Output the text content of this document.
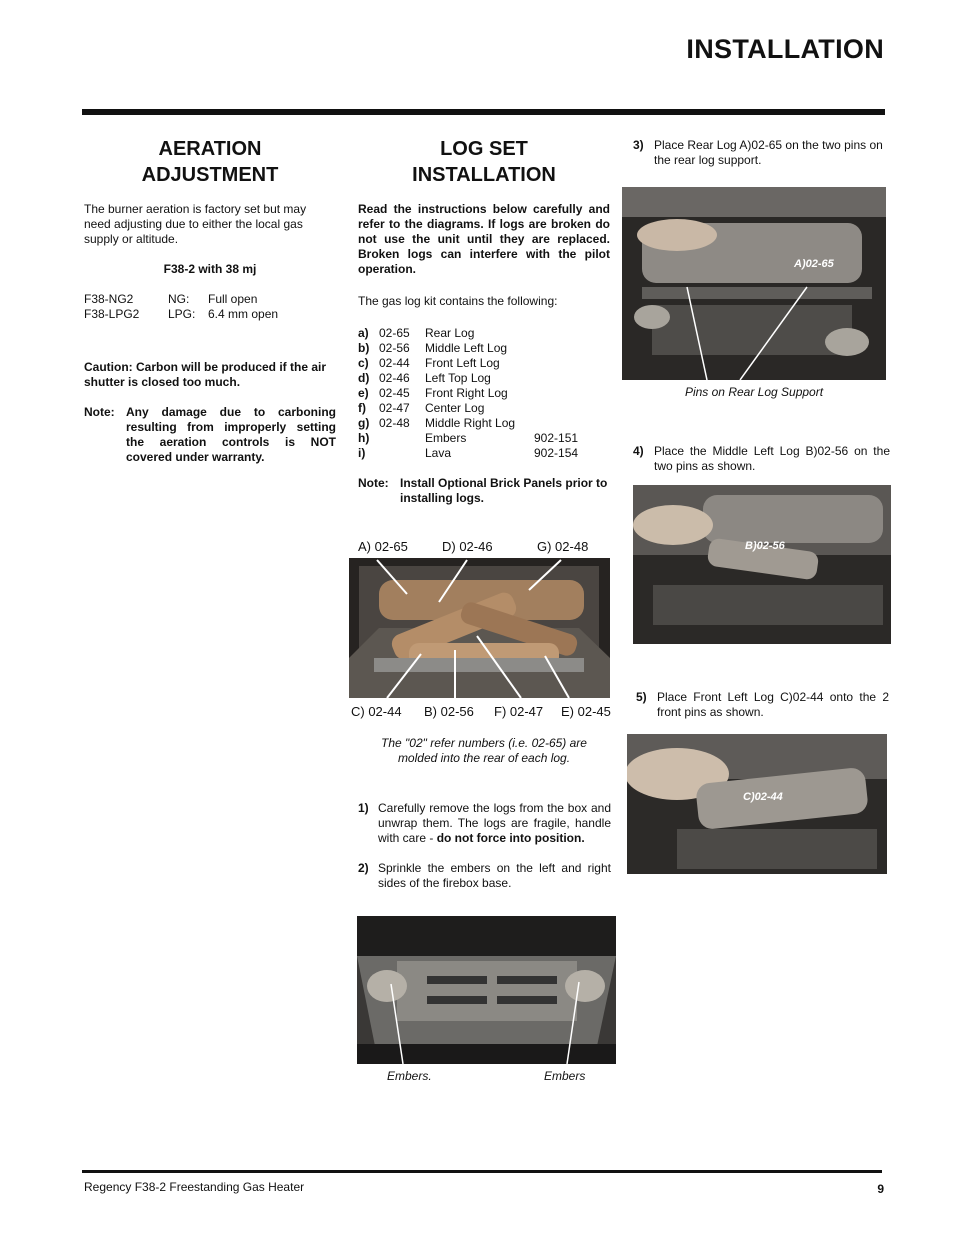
INSTALLATION
AERATION
ADJUSTMENT
The burner aeration is factory set but may need adjusting due to either the local gas supply or altitude.
F38-2 with 38 mj
F38-NG2	NG:	Full open
F38-LPG2	LPG:	6.4 mm open
Caution: Carbon will be produced if the air shutter is closed too much.
Note: Any damage due to carboning resulting from improperly setting the aeration controls is NOT covered under warranty.
LOG SET
INSTALLATION
Read the instructions below carefully and refer to the diagrams. If logs are broken do not use the unit until they are replaced. Broken logs can interfere with the pilot operation.
The gas log kit contains the following:
a) 02-65	Rear Log
b) 02-56	Middle Left Log
c) 02-44	Front Left Log
d) 02-46	Left Top Log
e) 02-45	Front Right Log
f)	02-47	Center Log
g) 02-48	Middle Right Log
h)	Embers	902-151
i)	Lava	902-154
Note: Install Optional Brick Panels prior to installing logs.
A) 02-65	D) 02-46	G) 02-48
C) 02-44 B) 02-56 F) 02-47 E) 02-45
The "02" refer numbers (i.e. 02-65) are molded into the rear of each log.
1) Carefully remove the logs from the box and unwrap them. The logs are fragile, handle with care - do not force into position.
2) Sprinkle the embers on the left and right sides of the firebox base.
Embers.	Embers
3) Place Rear Log A)02-65 on the two pins on the rear log support.
A)02-65
Pins on Rear Log Support
4) Place the Middle Left Log B)02-56 on the two pins as shown.
B)02-56
5) Place Front Left Log C)02-44 onto the 2 front pins as shown.
C)02-44
Regency F38-2 Freestanding Gas Heater	9
